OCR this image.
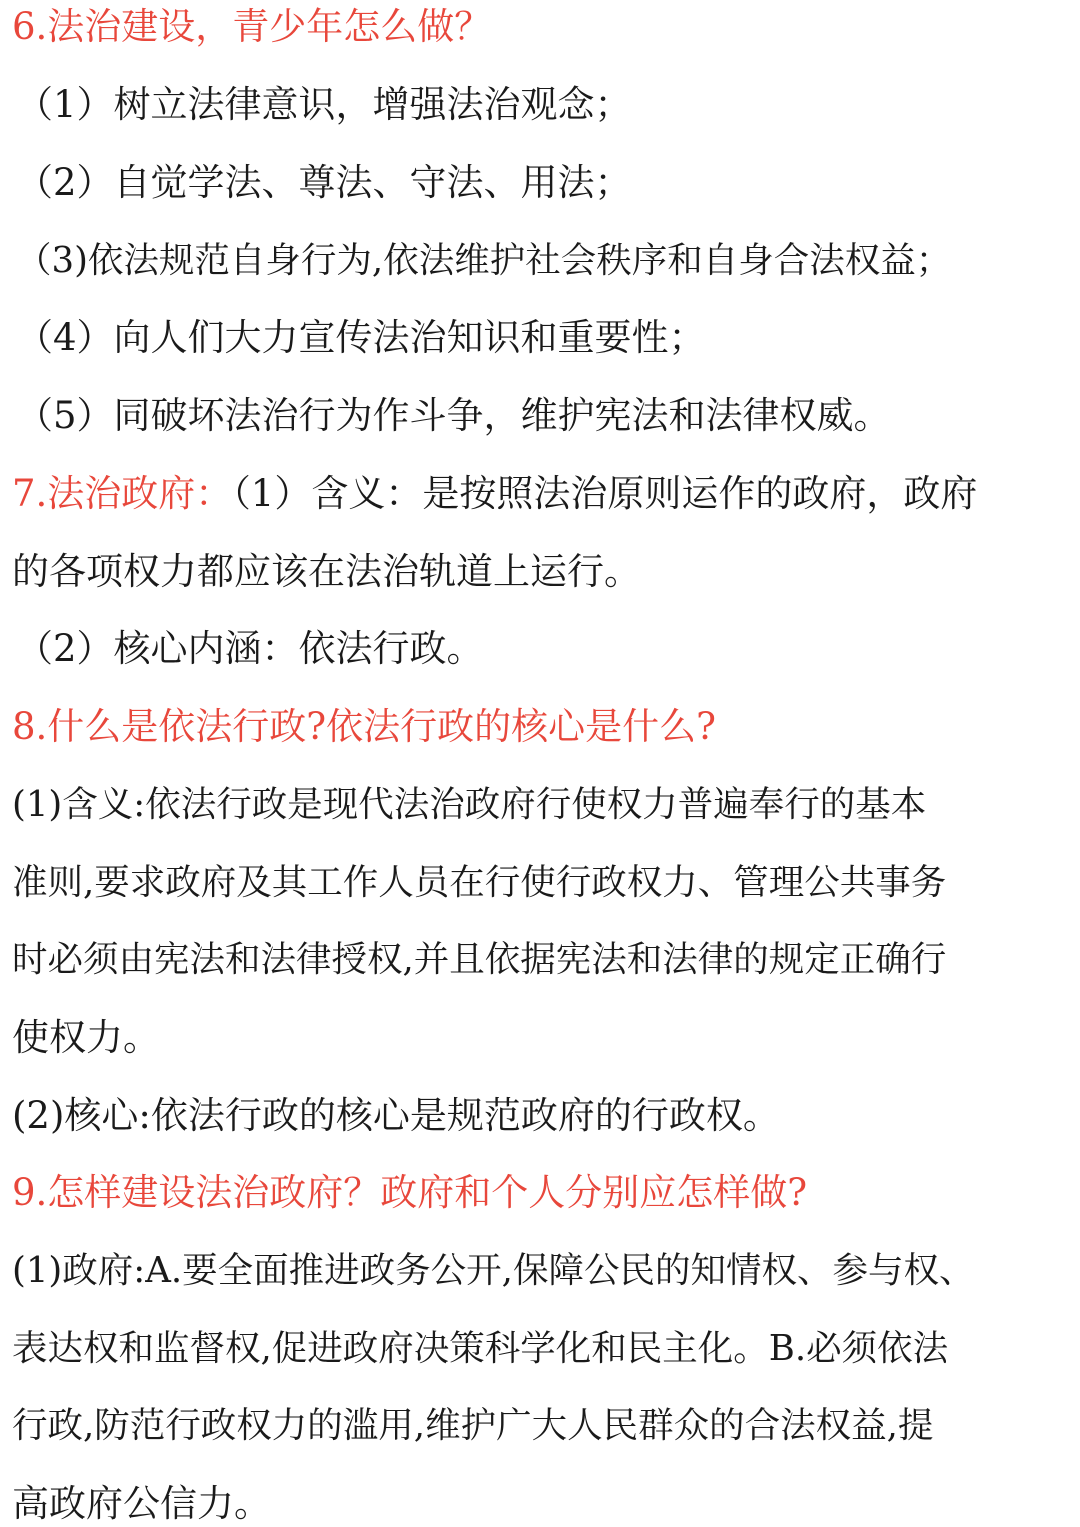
6.法治建设，青少年怎么做？
（1）树立法律意识，增强法治观念；
（2）自觉学法、尊法、守法、用法；
（3)依法规范自身行为,依法维护社会秩序和自身合法权益；
（4）向人们大力宣传法治知识和重要性；
（5）同破坏法治行为作斗争，维护宪法和法律权威。
7.法治政府：（1）含义：是按照法治原则运作的政府，政府
的各项权力都应该在法治轨道上运行。
（2）核心内涵：依法行政。
8.什么是依法行政?依法行政的核心是什么?
(1)含义:依法行政是现代法治政府行使权力普遍奉行的基本
准则,要求政府及其工作人员在行使行政权力、管理公共事务
时必须由宪法和法律授权,并且依据宪法和法律的规定正确行
使权力。
(2)核心:依法行政的核心是规范政府的行政权。
9.怎样建设法治政府？政府和个人分别应怎样做?
(1)政府:A.要全面推进政务公开,保障公民的知情权、参与权、
表达权和监督权,促进政府决策科学化和民主化。B.必须依法
行政,防范行政权力的滥用,维护广大人民群众的合法权益,提
高政府公信力。
